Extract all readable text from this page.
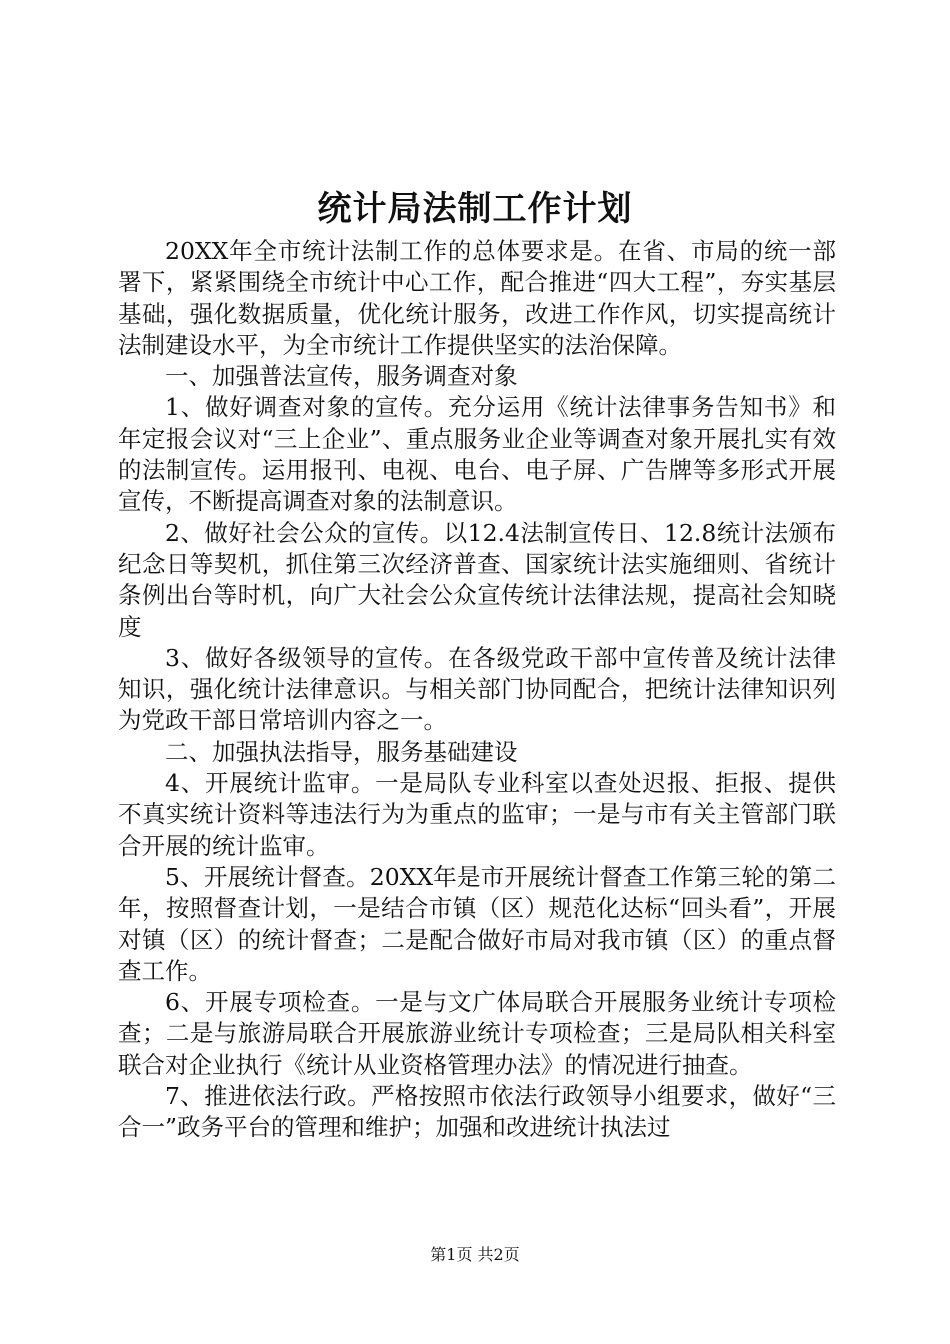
统计局法制工作计划

20XX年全市统计法制工作的总体要求是。在省、市局的统一部署下，紧紧围绕全市统计中心工作，配合推进“四大工程”，夯实基层基础，强化数据质量，优化统计服务，改进工作作风，切实提高统计法制建设水平，为全市统计工作提供坚实的法治保障。

一、加强普法宣传，服务调查对象

1、做好调查对象的宣传。充分运用《统计法律事务告知书》和年定报会议对“三上企业”、重点服务业企业等调查对象开展扎实有效的法制宣传。运用报刊、电视、电台、电子屏、广告牌等多形式开展宣传，不断提高调查对象的法制意识。

2、做好社会公众的宣传。以12.4法制宣传日、12.8统计法颁布纪念日等契机，抓住第三次经济普查、国家统计法实施细则、省统计条例出台等时机，向广大社会公众宣传统计法律法规，提高社会知晓度

3、做好各级领导的宣传。在各级党政干部中宣传普及统计法律知识，强化统计法律意识。与相关部门协同配合，把统计法律知识列为党政干部日常培训内容之一。

二、加强执法指导，服务基础建设

4、开展统计监审。一是局队专业科室以查处迟报、拒报、提供不真实统计资料等违法行为为重点的监审；一是与市有关主管部门联合开展的统计监审。

5、开展统计督查。20XX年是市开展统计督查工作第三轮的第二年，按照督查计划，一是结合市镇（区）规范化达标“回头看”，开展对镇（区）的统计督查；二是配合做好市局对我市镇（区）的重点督查工作。

6、开展专项检查。一是与文广体局联合开展服务业统计专项检查；二是与旅游局联合开展旅游业统计专项检查；三是局队相关科室联合对企业执行《统计从业资格管理办法》的情况进行抽查。

7、推进依法行政。严格按照市依法行政领导小组要求，做好“三合一”政务平台的管理和维护；加强和改进统计执法过

第1页 共2页
